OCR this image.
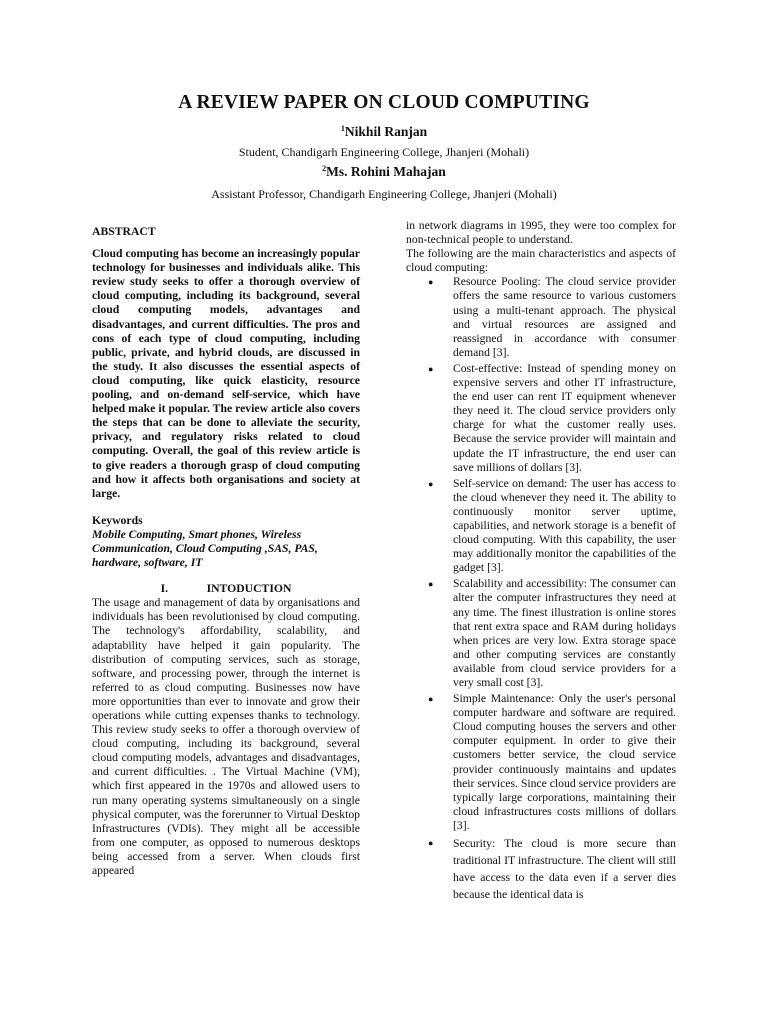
A REVIEW PAPER ON CLOUD COMPUTING
$^1$Nikhil Ranjan
Student, Chandigarh Engineering College, Jhanjeri (Mohali)
$^2$Ms. Rohini Mahajan
Assistant Professor, Chandigarh Engineering College, Jhanjeri (Mohali)
ABSTRACT

Cloud computing has become an increasingly popular technology for businesses and individuals alike. This review study seeks to offer a thorough overview of cloud computing, including its background, several cloud computing models, advantages and disadvantages, and current difficulties. The pros and cons of each type of cloud computing, including public, private, and hybrid clouds, are discussed in the study. It also discusses the essential aspects of cloud computing, like quick elasticity, resource pooling, and on-demand self-service, which have helped make it popular. The review article also covers the steps that can be done to alleviate the security, privacy, and regulatory risks related to cloud computing. Overall, the goal of this review article is to give readers a thorough grasp of cloud computing and how it affects both organisations and society at large.

Keywords

Mobile Computing, Smart phones, Wireless Communication, Cloud Computing ,SAS, PAS, hardware, software, IT

I.	INTODUCTION

The usage and management of data by organisations and individuals has been revolutionised by cloud computing. The technology's affordability, scalability, and adaptability have helped it gain popularity. The distribution of computing services, such as storage, software, and processing power, through the internet is referred to as cloud computing. Businesses now have more opportunities than ever to innovate and grow their operations while cutting expenses thanks to technology. This review study seeks to offer a thorough overview of cloud computing, including its background, several cloud computing models, advantages and disadvantages, and current difficulties. . The Virtual Machine (VM), which first appeared in the 1970s and allowed users to run many operating systems simultaneously on a single physical computer, was the forerunner to Virtual Desktop Infrastructures (VDIs). They might all be accessible from one computer, as opposed to numerous desktops being accessed from a server. When clouds first appeared

in network diagrams in 1995, they were too complex for non-technical people to understand.

The following are the main characteristics and aspects of cloud computing:

● Resource Pooling: The cloud service provider offers the same resource to various customers using a multi-tenant approach. The physical and virtual resources are assigned and reassigned in accordance with consumer demand [3].
● Cost-effective: Instead of spending money on expensive servers and other IT infrastructure, the end user can rent IT equipment whenever they need it. The cloud service providers only charge for what the customer really uses. Because the service provider will maintain and update the IT infrastructure, the end user can save millions of dollars [3].
● Self-service on demand: The user has access to the cloud whenever they need it. The ability to continuously monitor server uptime, capabilities, and network storage is a benefit of cloud computing. With this capability, the user may additionally monitor the capabilities of the gadget [3].
● Scalability and accessibility: The consumer can alter the computer infrastructures they need at any time. The finest illustration is online stores that rent extra space and RAM during holidays when prices are very low. Extra storage space and other computing services are constantly available from cloud service providers for a very small cost [3].
● Simple Maintenance: Only the user's personal computer hardware and software are required. Cloud computing houses the servers and other computer equipment. In order to give their customers better service, the cloud service provider continuously maintains and updates their services. Since cloud service providers are typically large corporations, maintaining their cloud infrastructures costs millions of dollars [3].
● Security: The cloud is more secure than traditional IT infrastructure. The client will still have access to the data even if a server dies because the identical data is
